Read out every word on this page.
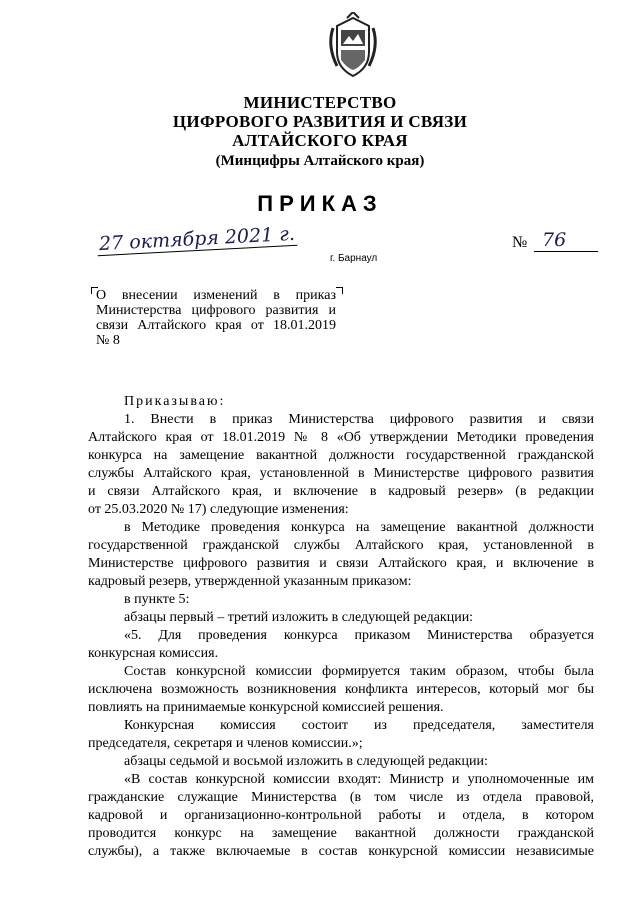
МИНИСТЕРСТВО
ЦИФРОВОГО РАЗВИТИЯ И СВЯЗИ
АЛТАЙСКОГО КРАЯ
(Минцифры Алтайского края)
ПРИКАЗ
27 октября 2021 г.	№ 76
г. Барнаул
О внесении изменений в приказ
Министерства цифрового развития и
связи Алтайского края от 18.01.2019
№ 8
Приказываю:
1. Внести в приказ Министерства цифрового развития и связи
Алтайского края от 18.01.2019 № 8 «Об утверждении Методики проведения
конкурса на замещение вакантной должности государственной гражданской
службы Алтайского края, установленной в Министерстве цифрового развития
и связи Алтайского края, и включение в кадровый резерв» (в редакции
от 25.03.2020 № 17) следующие изменения:
в Методике проведения конкурса на замещение вакантной должности
государственной гражданской службы Алтайского края, установленной в
Министерстве цифрового развития и связи Алтайского края, и включение в
кадровый резерв, утвержденной указанным приказом:
в пункте 5:
абзацы первый – третий изложить в следующей редакции:
«5. Для проведения конкурса приказом Министерства образуется
конкурсная комиссия.
Состав конкурсной комиссии формируется таким образом, чтобы была
исключена возможность возникновения конфликта интересов, который мог бы
повлиять на принимаемые конкурсной комиссией решения.
Конкурсная комиссия состоит из председателя, заместителя
председателя, секретаря и членов комиссии.»;
абзацы седьмой и восьмой изложить в следующей редакции:
«В состав конкурсной комиссии входят: Министр и уполномоченные им
гражданские служащие Министерства (в том числе из отдела правовой,
кадровой и организационно-контрольной работы и отдела, в котором
проводится конкурс на замещение вакантной должности гражданской
службы), а также включаемые в состав конкурсной комиссии независимые
